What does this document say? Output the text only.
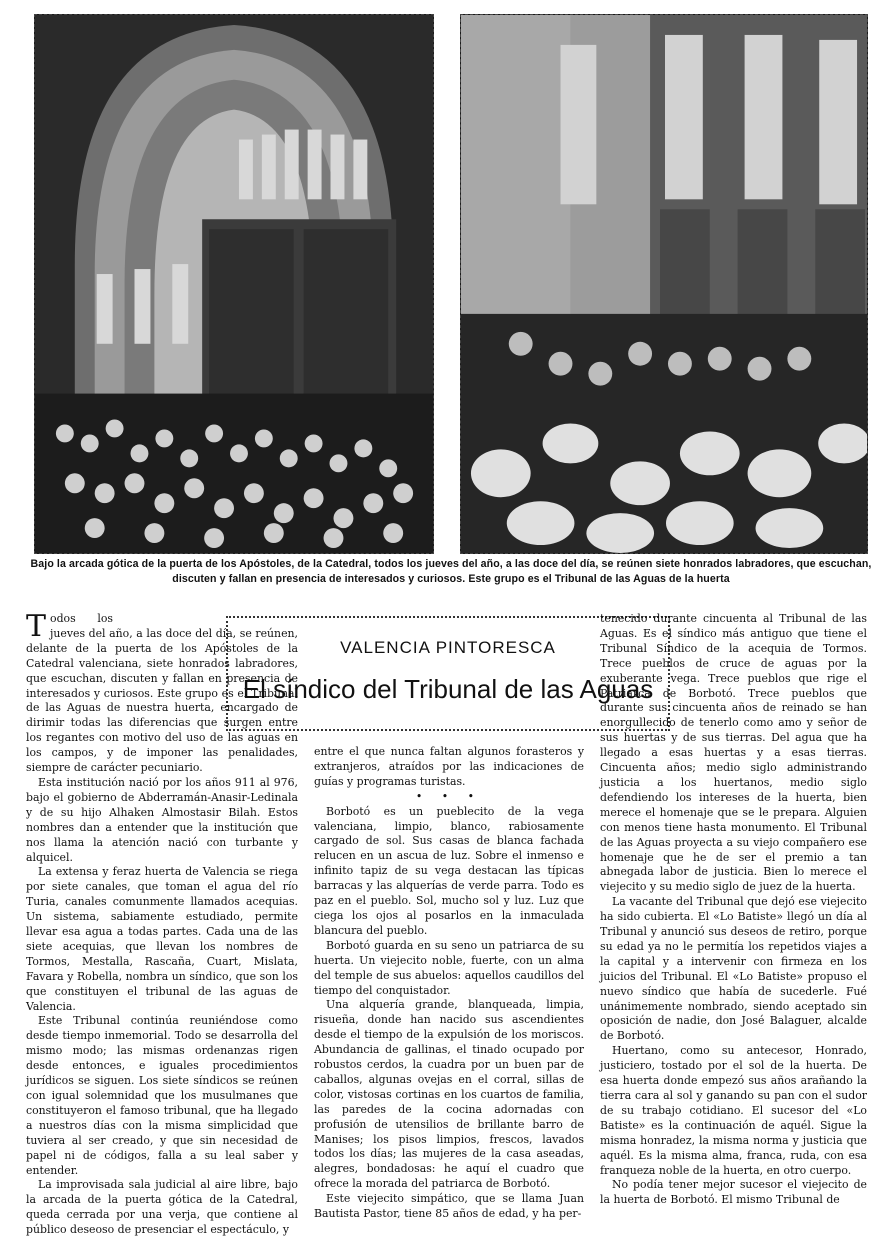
Bajo la arcada gótica de la puerta de los Apóstoles, de la Catedral, todos los jueves del año, a las doce del día, se reúnen siete honrados labradores, que escuchan,
discuten y fallan en presencia de interesados y curiosos. Este grupo es el Tribunal de las Aguas de la huerta
VALENCIA PINTORESCA
El síndico del Tribunal de las Aguas

Todos los jueves del año, a las doce del día, se reúnen, delante de la puerta de los Apóstoles de la Catedral valenciana, siete honrados labradores, que escuchan, discuten y fallan en presencia de interesados y curiosos. Este grupo es el Tribunal de las Aguas de nuestra huerta, encargado de dirimir todas las diferencias que surgen entre los regantes con motivo del uso de las aguas en los campos, y de imponer las penalidades, siempre de carácter pecuniario.

Esta institución nació por los años 911 al 976, bajo el gobierno de Abderramán-Anasir-Ledinala y de su hijo Alhaken Almostasir Bilah. Estos nombres dan a entender que la institución que nos llama la atención nació con turbante y alquicel.

La extensa y feraz huerta de Valencia se riega por siete canales, que toman el agua del río Turia, canales comunmente llamados acequias. Un sistema, sabiamente estudiado, permite llevar esa agua a todas partes. Cada una de las siete acequias, que llevan los nombres de Tormos, Mestalla, Rascaña, Cuart, Mislata, Favara y Robella, nombra un síndico, que son los que constituyen el tribunal de las aguas de Valencia.

Este Tribunal continúa reuniéndose como desde tiempo inmemorial. Todo se desarrolla del mismo modo; las mismas ordenanzas rigen desde entonces, e iguales procedimientos jurídicos se siguen. Los siete síndicos se reúnen con igual solemnidad que los musulmanes que constituyeron el famoso tribunal, que ha llegado a nuestros días con la misma simplicidad que tuviera al ser creado, y que sin necesidad de papel ni de códigos, falla a su leal saber y entender.

La improvisada sala judicial al aire libre, bajo la arcada de la puerta gótica de la Catedral, queda cerrada por una verja, que contiene al público deseoso de presenciar el espectáculo, y

entre el que nunca faltan algunos forasteros y extranjeros, atraídos por las indicaciones de guías y programas turistas.

• • •

Borbotó es un pueblecito de la vega valenciana, limpio, blanco, rabiosamente cargado de sol. Sus casas de blanca fachada relucen en un ascua de luz. Sobre el inmenso e infinito tapiz de su vega destacan las típicas barracas y las alquerías de verde parra. Todo es paz en el pueblo. Sol, mucho sol y luz. Luz que ciega los ojos al posarlos en la inmaculada blancura del pueblo.

Borbotó guarda en su seno un patriarca de su huerta. Un viejecito noble, fuerte, con un alma del temple de sus abuelos: aquellos caudillos del tiempo del conquistador.

Una alquería grande, blanqueada, limpia, risueña, donde han nacido sus ascendientes desde el tiempo de la expulsión de los moriscos. Abundancia de gallinas, el tinado ocupado por robustos cerdos, la cuadra por un buen par de caballos, algunas ovejas en el corral, sillas de color, vistosas cortinas en los cuartos de familia, las paredes de la cocina adornadas con profusión de utensilios de brillante barro de Manises; los pisos limpios, frescos, lavados todos los días; las mujeres de la casa aseadas, alegres, bondadosas: he aquí el cuadro que ofrece la morada del patriarca de Borbotó.

Este viejecito simpático, que se llama Juan Bautista Pastor, tiene 85 años de edad, y ha per-

tenecido durante cincuenta al Tribunal de las Aguas. Es el síndico más antiguo que tiene el Tribunal Síndico de la acequia de Tormos. Trece pueblos de cruce de aguas por la exuberante vega. Trece pueblos que rige el Patriarca de Borbotó. Trece pueblos que durante sus cincuenta años de reinado se han enorgullecido de tenerlo como amo y señor de sus huertas y de sus tierras. Del agua que ha llegado a esas huertas y a esas tierras. Cincuenta años; medio siglo administrando justicia a los huertanos, medio siglo defendiendo los intereses de la huerta, bien merece el homenaje que se le prepara. Alguien con menos tiene hasta monumento. El Tribunal de las Aguas proyecta a su viejo compañero ese homenaje que he de ser el premio a tan abnegada labor de justicia. Bien lo merece el viejecito y su medio siglo de juez de la huerta.

La vacante del Tribunal que dejó ese viejecito ha sido cubierta. El «Lo Batiste» llegó un día al Tribunal y anunció sus deseos de retiro, porque su edad ya no le permitía los repetidos viajes a la capital y a intervenir con firmeza en los juicios del Tribunal. El «Lo Batiste» propuso el nuevo síndico que había de sucederle. Fué unánimemente nombrado, siendo aceptado sin oposición de nadie, don José Balaguer, alcalde de Borbotó.

Huertano, como su antecesor, Honrado, justiciero, tostado por el sol de la huerta. De esa huerta donde empezó sus años arañando la tierra cara al sol y ganando su pan con el sudor de su trabajo cotidiano. El sucesor del «Lo Batiste» es la continuación de aquél. Sigue la misma honradez, la misma norma y justicia que aquél. Es la misma alma, franca, ruda, con esa franqueza noble de la huerta, en otro cuerpo.

No podía tener mejor sucesor el viejecito de la huerta de Borbotó. El mismo Tribunal de
